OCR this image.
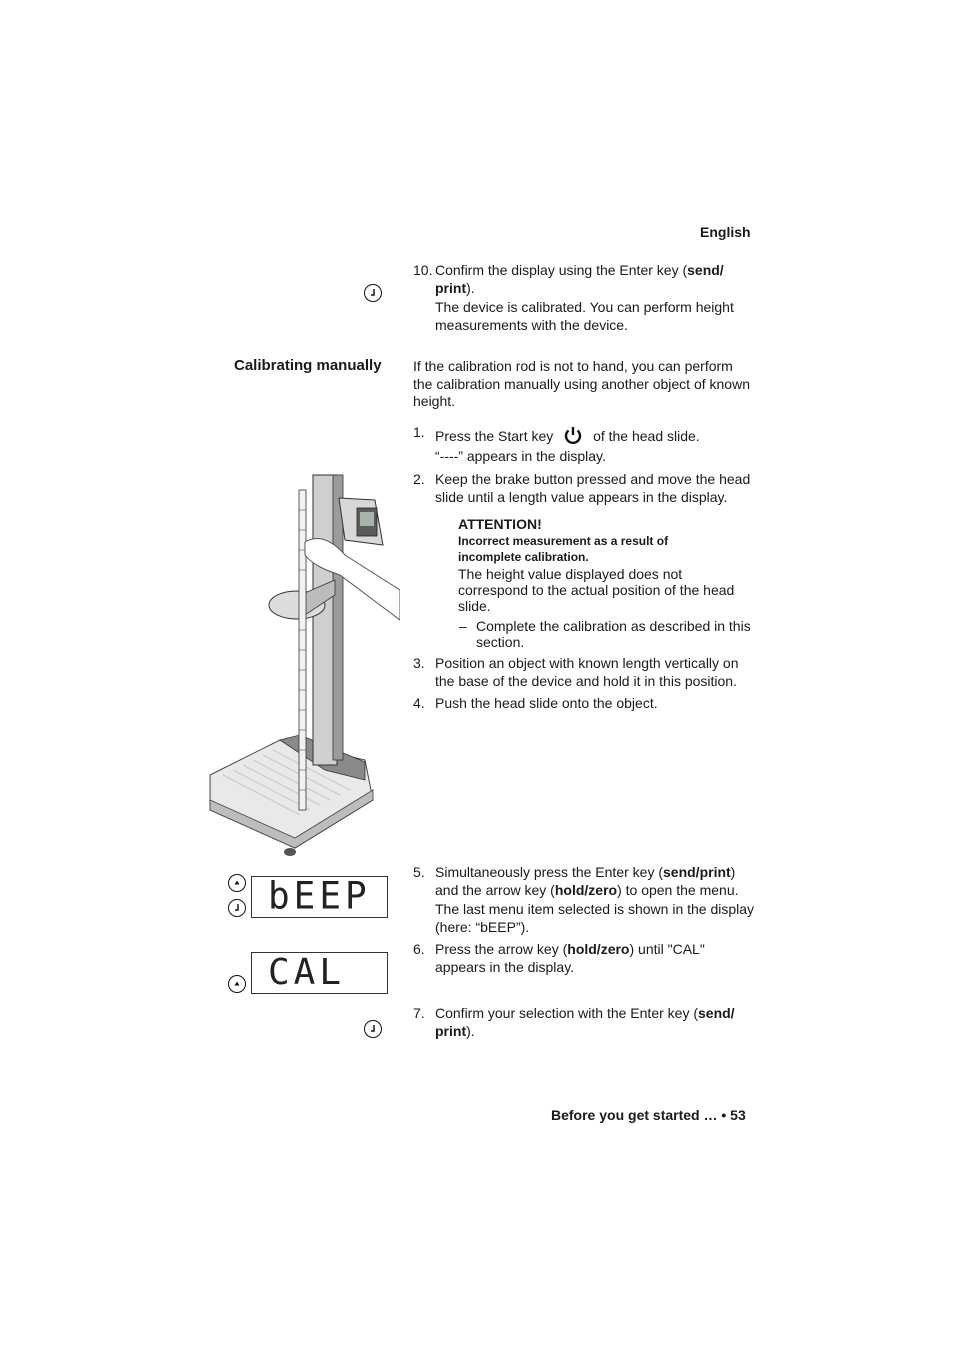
English
10. Confirm the display using the Enter key (send/ print).
The device is calibrated. You can perform height measurements with the device.
Calibrating manually If the calibration rod is not to hand, you can perform the calibration manually using another object of known height.
1. Press the Start key	of the head slide.
“----” appears in the display.
2. Keep the brake button pressed and move the head slide until a length value appears in the display.
ATTENTION!
Incorrect measurement as a result of incomplete calibration.
The height value displayed does not correspond to the actual position of the head slide.
– Complete the calibration as described in this section.
3. Position an object with known length vertically on the base of the device and hold it in this position.
4. Push the head slide onto the object.
bEEP
5. Simultaneously press the Enter key (send/print) and the arrow key (hold/zero) to open the menu.
The last menu item selected is shown in the display (here: “bEEP”).
CAL
6. Press the arrow key (hold/zero) until "CAL" appears in the display.
7. Confirm your selection with the Enter key (send/ print).
Before you get started … • 53
